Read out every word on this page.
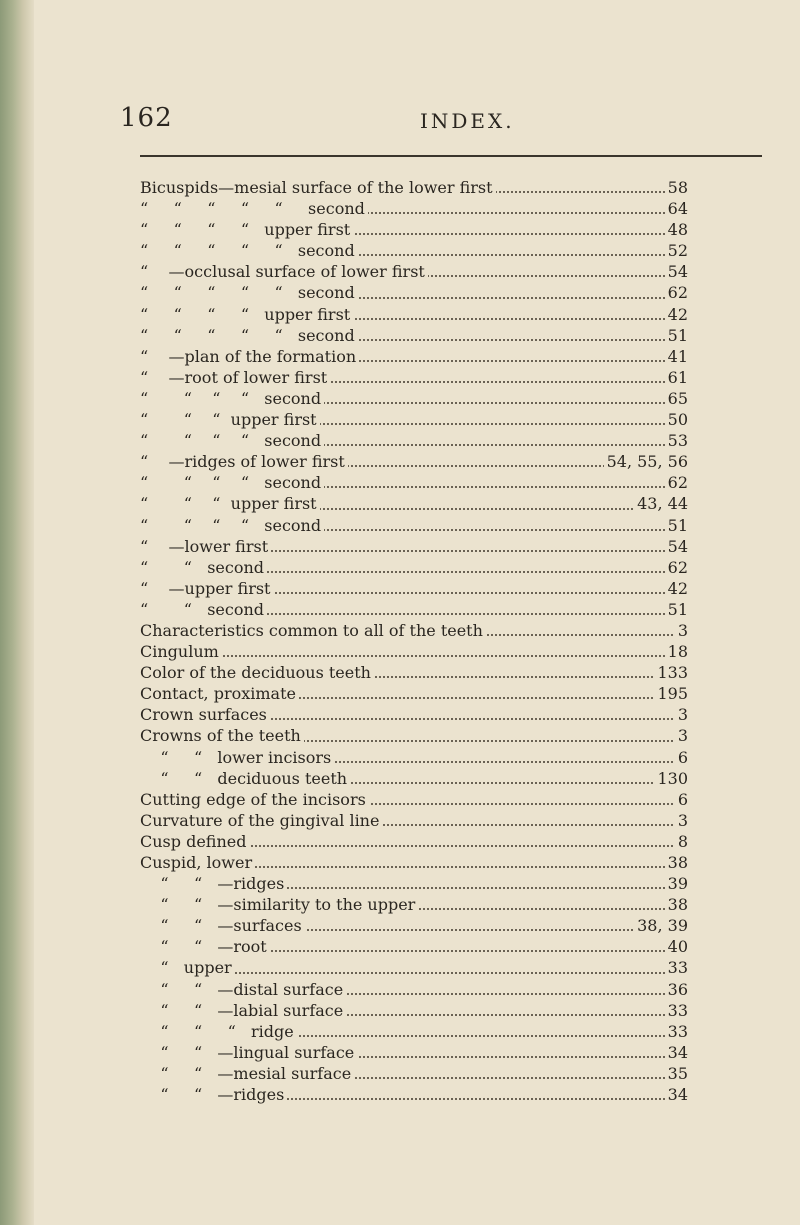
162	INDEX.
Bicuspids—mesial surface of the lower first	58
“     “     “     “     “     second	64
“     “     “     “   upper first	48
“     “     “     “     “   second	52
“    —occlusal surface of lower first	54
“     “     “     “     “   second	62
“     “     “     “   upper first	42
“     “     “     “     “   second	51
“    —plan of the formation	41
“    —root of lower first	61
“       “    “    “   second	65
“       “    “  upper first	50
“       “    “    “   second	53
“    —ridges of lower first	54, 55, 56
“       “    “    “   second	62
“       “    “  upper first	43, 44
“       “    “    “   second	51
“    —lower first	54
“       “   second	62
“    —upper first	42
“       “   second	51
Characteristics common to all of the teeth	3
Cingulum	18
Color of the deciduous teeth	133
Contact, proximate	195
Crown surfaces	3
Crowns of the teeth	3
“     “   lower incisors	6
“     “   deciduous teeth	130
Cutting edge of the incisors	6
Curvature of the gingival line	3
Cusp defined	8
Cuspid, lower	38
“     “   —ridges	39
“     “   —similarity to the upper	38
“     “   —surfaces	38, 39
“     “   —root	40
“   upper	33
“     “   —distal surface	36
“     “   —labial surface	33
“     “     “   ridge	33
“     “   —lingual surface	34
“     “   —mesial surface	35
“     “   —ridges	34
